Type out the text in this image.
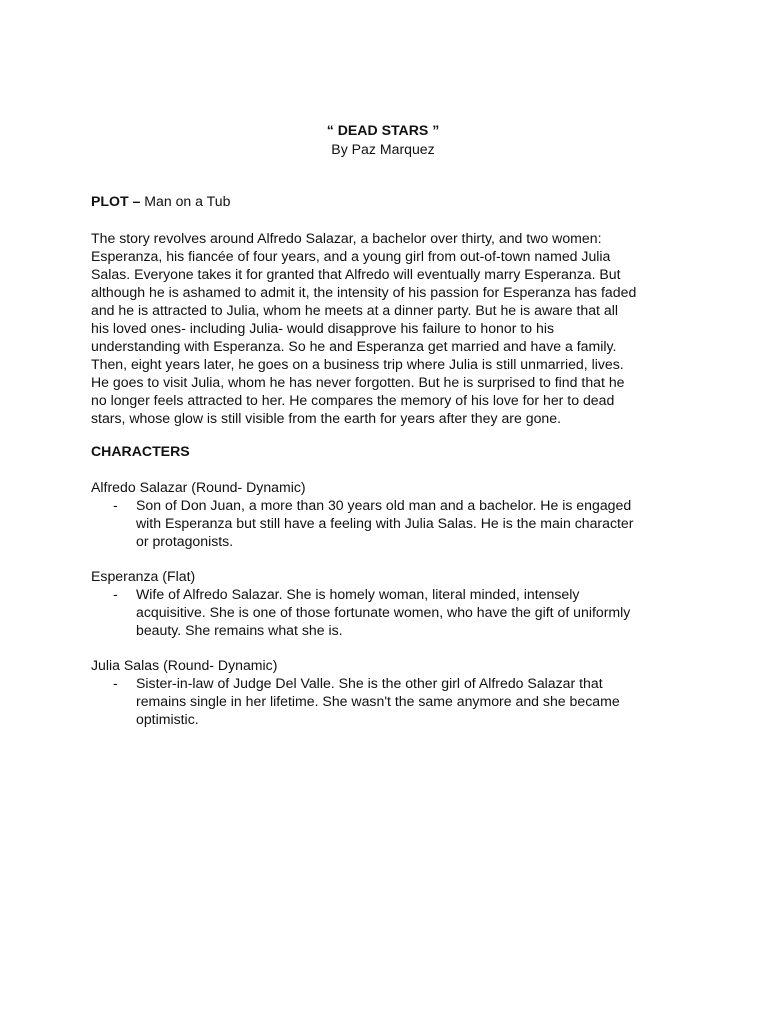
“ DEAD STARS ”
By Paz Marquez
PLOT – Man on a Tub
The story revolves around Alfredo Salazar, a bachelor over thirty, and two women:
Esperanza, his fiancée of four years, and a young girl from out-of-town named Julia
Salas. Everyone takes it for granted that Alfredo will eventually marry Esperanza. But
although he is ashamed to admit it, the intensity of his passion for Esperanza has faded
and he is attracted to Julia, whom he meets at a dinner party. But he is aware that all
his loved ones- including Julia- would disapprove his failure to honor to his
understanding with Esperanza. So he and Esperanza get married and have a family.
Then, eight years later, he goes on a business trip where Julia is still unmarried, lives.
He goes to visit Julia, whom he has never forgotten. But he is surprised to find that he
no longer feels attracted to her. He compares the memory of his love for her to dead
stars, whose glow is still visible from the earth for years after they are gone.
CHARACTERS
Alfredo Salazar (Round- Dynamic)
- Son of Don Juan, a more than 30 years old man and a bachelor. He is engaged
with Esperanza but still have a feeling with Julia Salas. He is the main character
or protagonists.
Esperanza (Flat)
- Wife of Alfredo Salazar. She is homely woman, literal minded, intensely
acquisitive. She is one of those fortunate women, who have the gift of uniformly
beauty. She remains what she is.
Julia Salas (Round- Dynamic)
- Sister-in-law of Judge Del Valle. She is the other girl of Alfredo Salazar that
remains single in her lifetime. She wasn't the same anymore and she became
optimistic.
